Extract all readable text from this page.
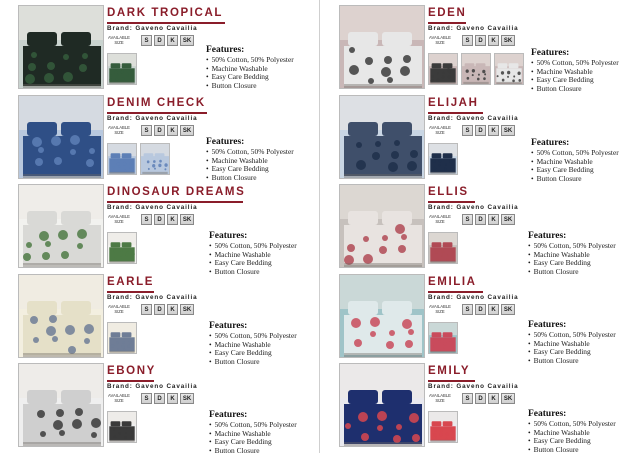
DARK TROPICAL
Brand: Gaveno Cavailia
AVAILABLE SIZE	S	D	K	SK
Features:
• 50% Cotton, 50% Polyester
• Machine Washable
• Easy Care Bedding
• Button Closure
DENIM CHECK
Brand: Gaveno Cavailia
AVAILABLE SIZE	S	D	K	SK
Features:
• 50% Cotton, 50% Polyester
• Machine Washable
• Easy Care Bedding
• Button Closure
DINOSAUR DREAMS
Brand: Gaveno Cavailia
AVAILABLE SIZE	S	D	K	SK
Features:
• 50% Cotton, 50% Polyester
• Machine Washable
• Easy Care Bedding
• Button Closure
EARLE
Brand: Gaveno Cavailia
AVAILABLE SIZE	S	D	K	SK
Features:
• 50% Cotton, 50% Polyester
• Machine Washable
• Easy Care Bedding
• Button Closure
EBONY
Brand: Gaveno Cavailia
AVAILABLE SIZE	S	D	K	SK
Features:
• 50% Cotton, 50% Polyester
• Machine Washable
• Easy Care Bedding
• Button Closure
EDEN
Brand: Gaveno Cavailia
AVAILABLE SIZE	S	D	K	SK
Features:
• 50% Cotton, 50% Polyester
• Machine Washable
• Easy Care Bedding
• Button Closure
ELIJAH
Brand: Gaveno Cavailia
AVAILABLE SIZE	S	D	K	SK
Features:
• 50% Cotton, 50% Polyester
• Machine Washable
• Easy Care Bedding
• Button Closure
ELLIS
Brand: Gaveno Cavailia
AVAILABLE SIZE	S	D	K	SK
Features:
• 50% Cotton, 50% Polyester
• Machine Washable
• Easy Care Bedding
• Button Closure
EMILIA
Brand: Gaveno Cavailia
AVAILABLE SIZE	S	D	K	SK
Features:
• 50% Cotton, 50% Polyester
• Machine Washable
• Easy Care Bedding
• Button Closure
EMILY
Brand: Gaveno Cavailia
AVAILABLE SIZE	S	D	K	SK
Features:
• 50% Cotton, 50% Polyester
• Machine Washable
• Easy Care Bedding
• Button Closure
